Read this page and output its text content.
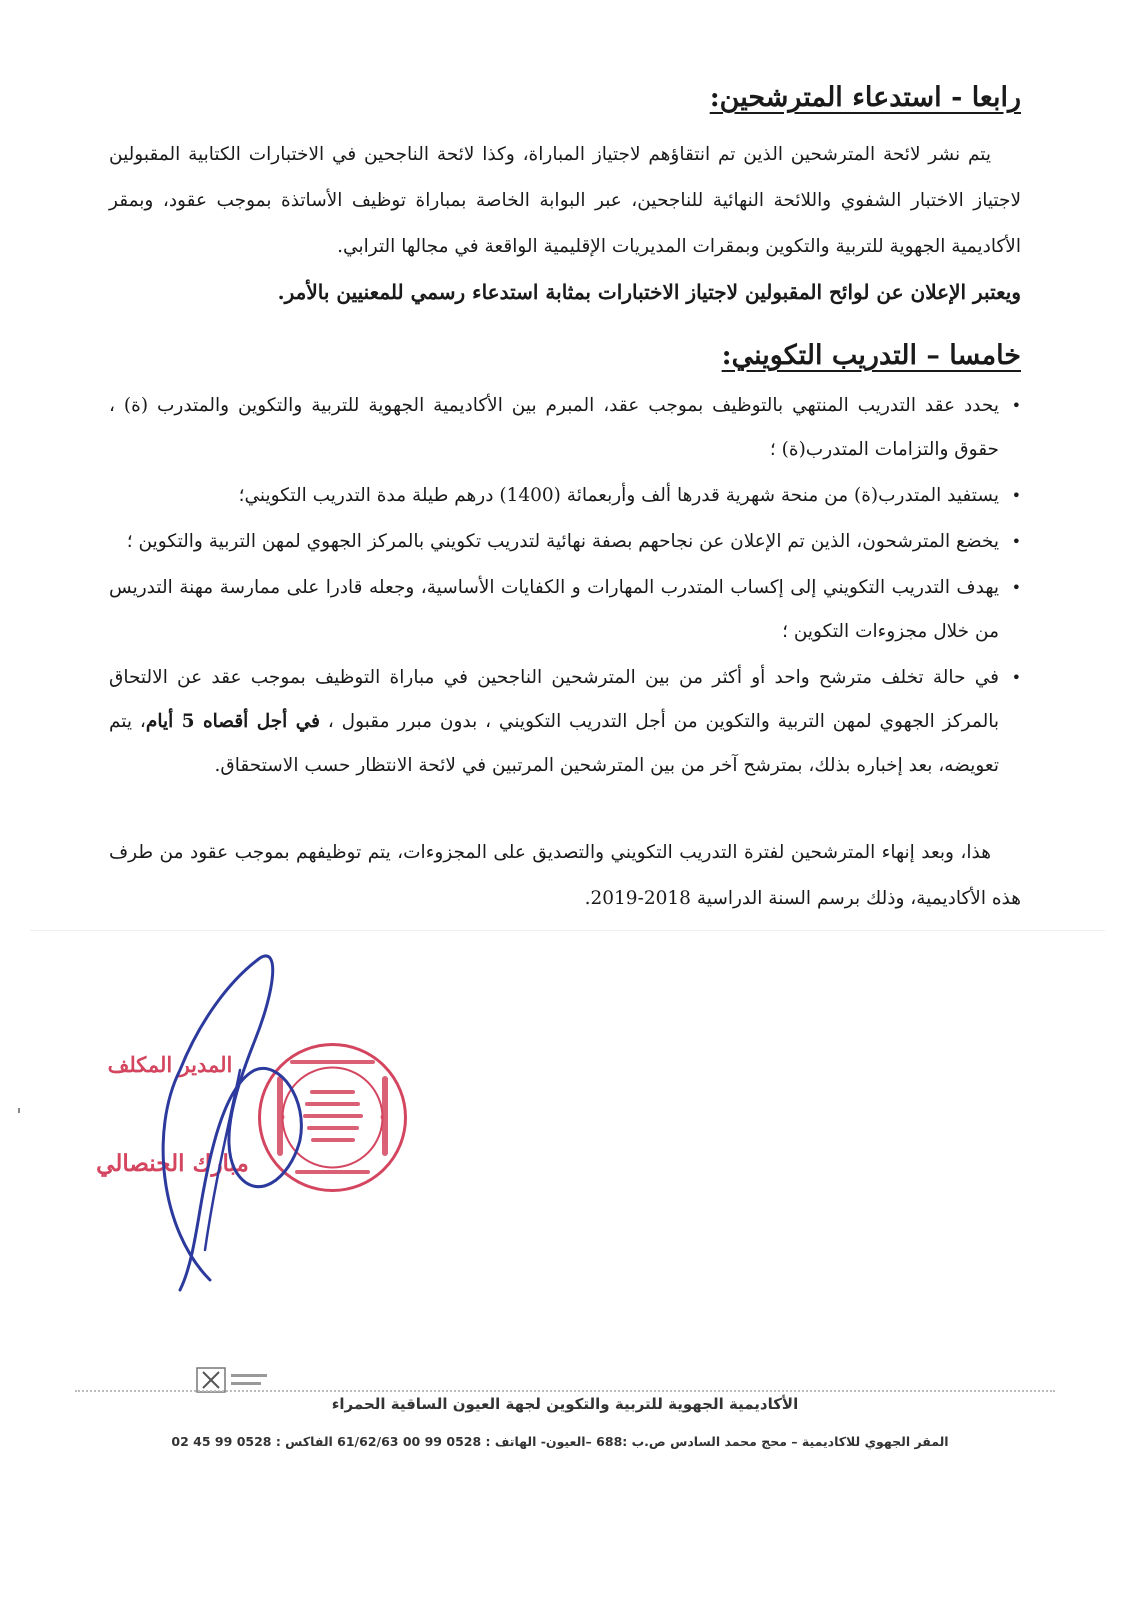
رابعا - استدعاء المترشحين:

يتم نشر لائحة المترشحين الذين تم انتقاؤهم لاجتياز المباراة، وكذا لائحة الناجحين في الاختبارات الكتابية المقبولين لاجتياز الاختبار الشفوي واللائحة النهائية للناجحين، عبر البوابة الخاصة بمباراة توظيف الأساتذة بموجب عقود، وبمقر الأكاديمية الجهوية للتربية والتكوين وبمقرات المديريات الإقليمية الواقعة في مجالها الترابي.

ويعتبر الإعلان عن لوائح المقبولين لاجتياز الاختبارات بمثابة استدعاء رسمي للمعنيين بالأمر.

خامسا – التدريب التكويني:
•
يحدد عقد التدريب المنتهي بالتوظيف بموجب عقد، المبرم بين الأكاديمية الجهوية للتربية والتكوين والمتدرب (ة) ، حقوق والتزامات المتدرب(ة) ؛
•
يستفيد المتدرب(ة) من منحة شهرية قدرها ألف وأربعمائة (1400) درهم طيلة مدة التدريب التكويني؛
•
يخضع المترشحون، الذين تم الإعلان عن نجاحهم بصفة نهائية لتدريب تكويني بالمركز الجهوي لمهن التربية والتكوين ؛
•
يهدف التدريب التكويني إلى إكساب المتدرب المهارات و الكفايات الأساسية، وجعله قادرا على ممارسة مهنة التدريس من خلال مجزوءات التكوين ؛
•
في حالة تخلف مترشح واحد أو أكثر من بين المترشحين الناجحين في مباراة التوظيف بموجب عقد عن الالتحاق بالمركز الجهوي لمهن التربية والتكوين من أجل التدريب التكويني ، بدون مبرر مقبول ، في أجل أقصاه 5 أيام، يتم تعويضه، بعد إخباره بذلك، بمترشح آخر من بين المترشحين المرتبين في لائحة الانتظار حسب الاستحقاق.

هذا، وبعد إنهاء المترشحين لفترة التدريب التكويني والتصديق على المجزوءات، يتم توظيفهم بموجب عقود من طرف هذه الأكاديمية، وذلك برسم السنة الدراسية 2018-2019.

المدير المكلف

مبارك الحنصالي

الأكاديمية الجهوية للتربية والتكوين لجهة العيون الساقية الحمراء

المقر الجهوي للاكاديمية – محج محمد السادس ص.ب :688 –العيون- الهاتف : 0528 99 00 61/62/63 الفاكس : 0528 99 45 02
